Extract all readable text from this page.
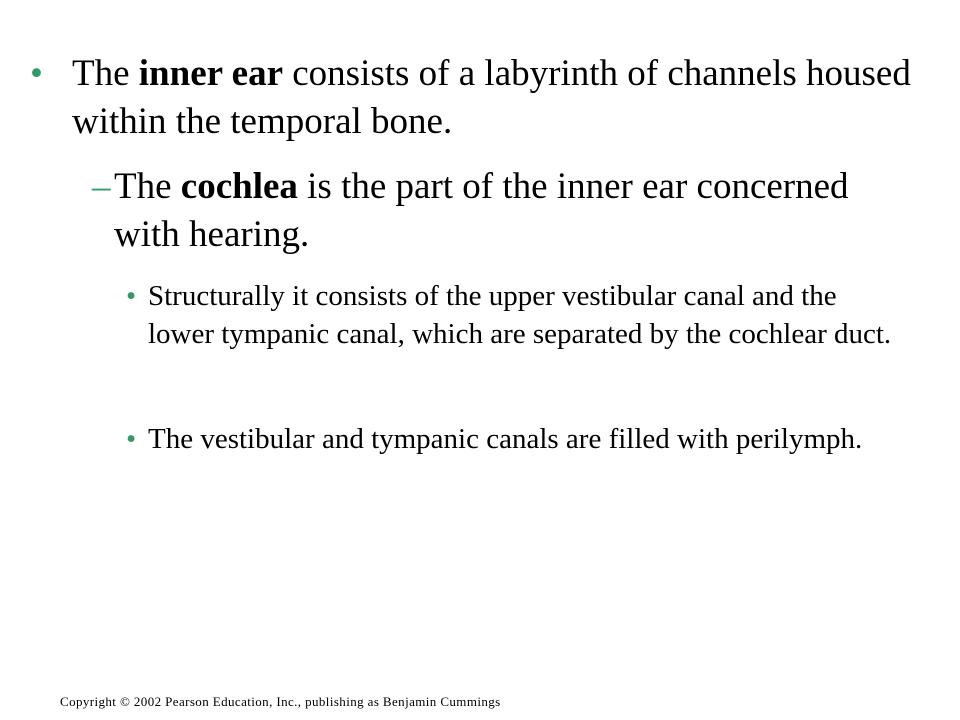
• The inner ear consists of a labyrinth of channels housed within the temporal bone.
– The cochlea is the part of the inner ear concerned with hearing.
• Structurally it consists of the upper vestibular canal and the lower tympanic canal, which are separated by the cochlear duct.
• The vestibular and tympanic canals are filled with perilymph.
Copyright © 2002 Pearson Education, Inc., publishing as Benjamin Cummings
